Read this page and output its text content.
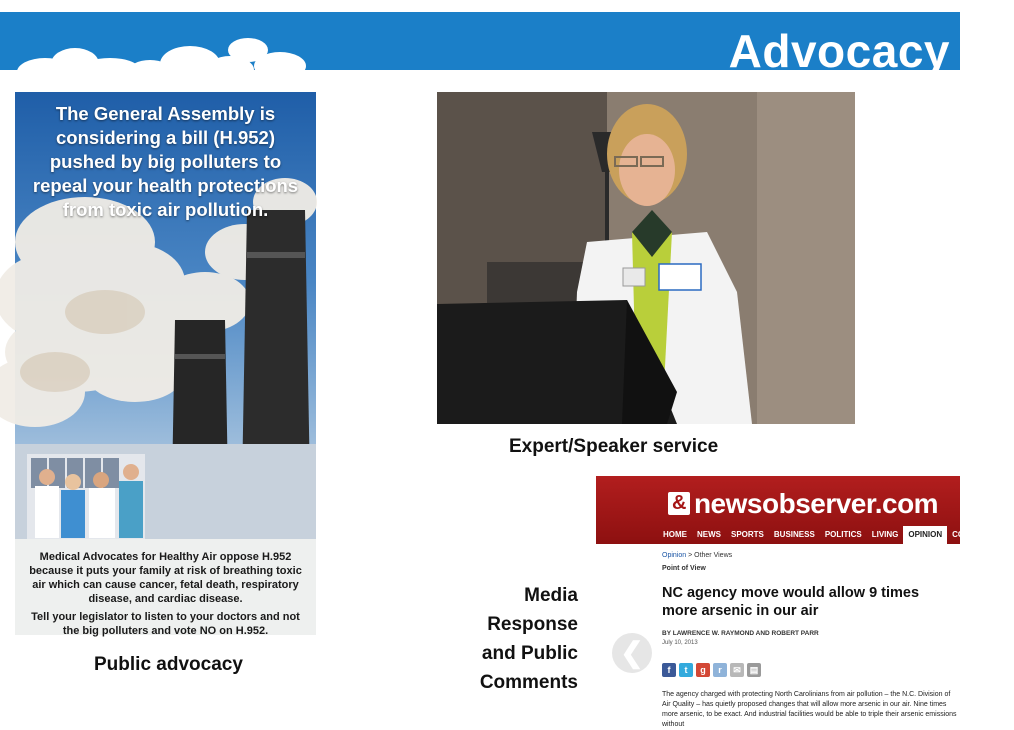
Advocacy
The General Assembly is considering a bill (H.952) pushed by big polluters to repeal your health protections from toxic air pollution.
Medical Advocates for Healthy Air oppose H.952 because it puts your family at risk of breathing toxic air which can cause cancer, fetal death, respiratory disease, and cardiac disease.
Tell your legislator to listen to your doctors and not the big polluters and vote NO on H.952.
Public advocacy
Expert/Speaker service
Media
Response
and Public
Comments
& newsobserver.com
HOME	NEWS	SPORTS	BUSINESS	POLITICS	LIVING	OPINION	COMMUNITIES
Opinion > Other Views
Point of View
NC agency move would allow 9 times more arsenic in our air
BY LAWRENCE W. RAYMOND AND ROBERT PARR
July 10, 2013
f	t	g	r	✉ ▤
The agency charged with protecting North Carolinians from air pollution – the N.C. Division of Air Quality – has quietly proposed changes that will allow more arsenic in our air. Nine times more arsenic, to be exact. And industrial facilities would be able to triple their arsenic emissions without
❮
